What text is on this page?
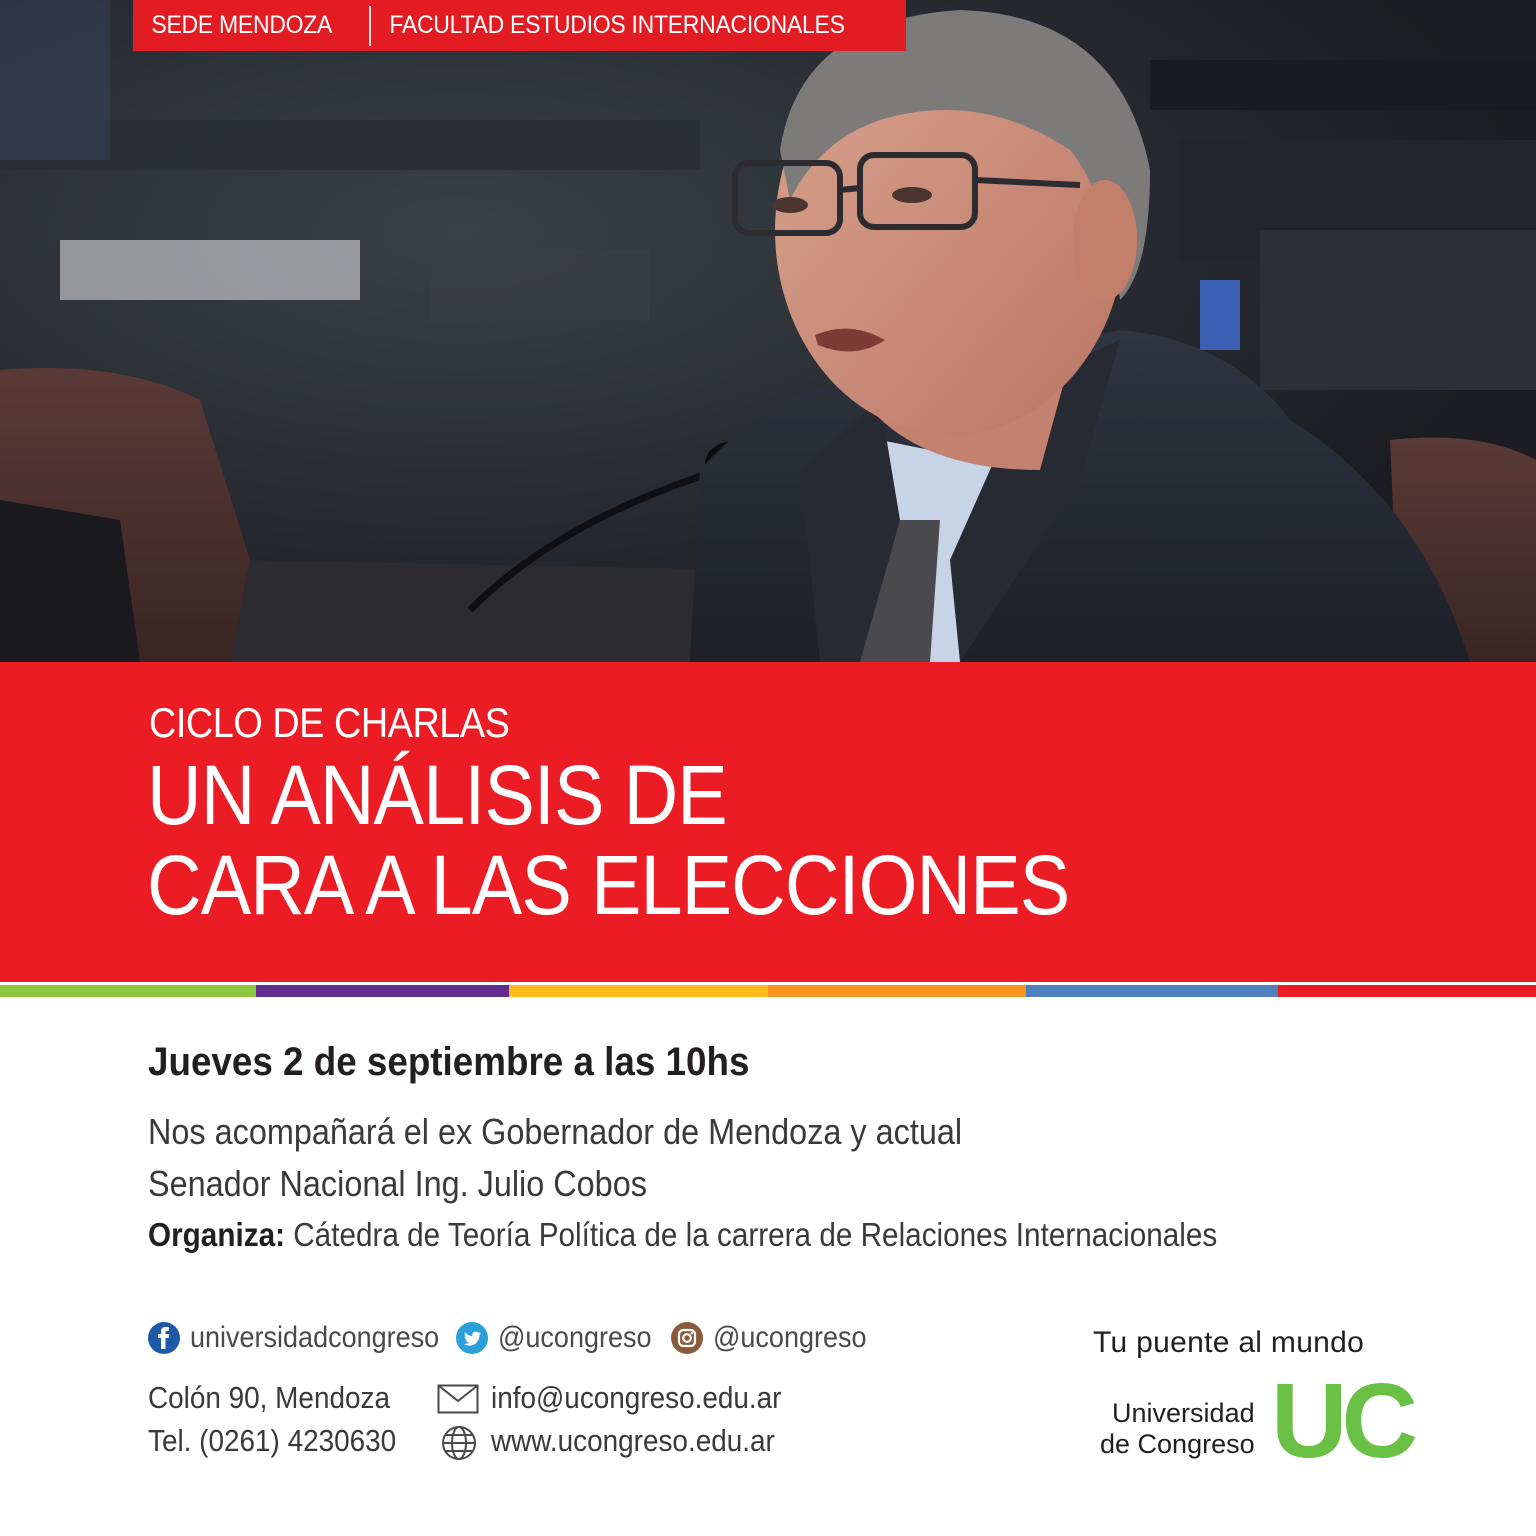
SEDE MENDOZA	FACULTAD ESTUDIOS INTERNACIONALES
CICLO DE CHARLAS
UN ANÁLISIS DE
CARA A LAS ELECCIONES
Jueves 2 de septiembre a las 10hs
Nos acompañará el ex Gobernador de Mendoza y actual
Senador Nacional Ing. Julio Cobos
Organiza: Cátedra de Teoría Política de la carrera de Relaciones Internacionales
universidadcongreso @ucongreso @ucongreso
Colón 90, Mendoza
Tel. (0261) 4230630
info@ucongreso.edu.ar
www.ucongreso.edu.ar
Tu puente al mundo
Universidad
de Congreso UC
